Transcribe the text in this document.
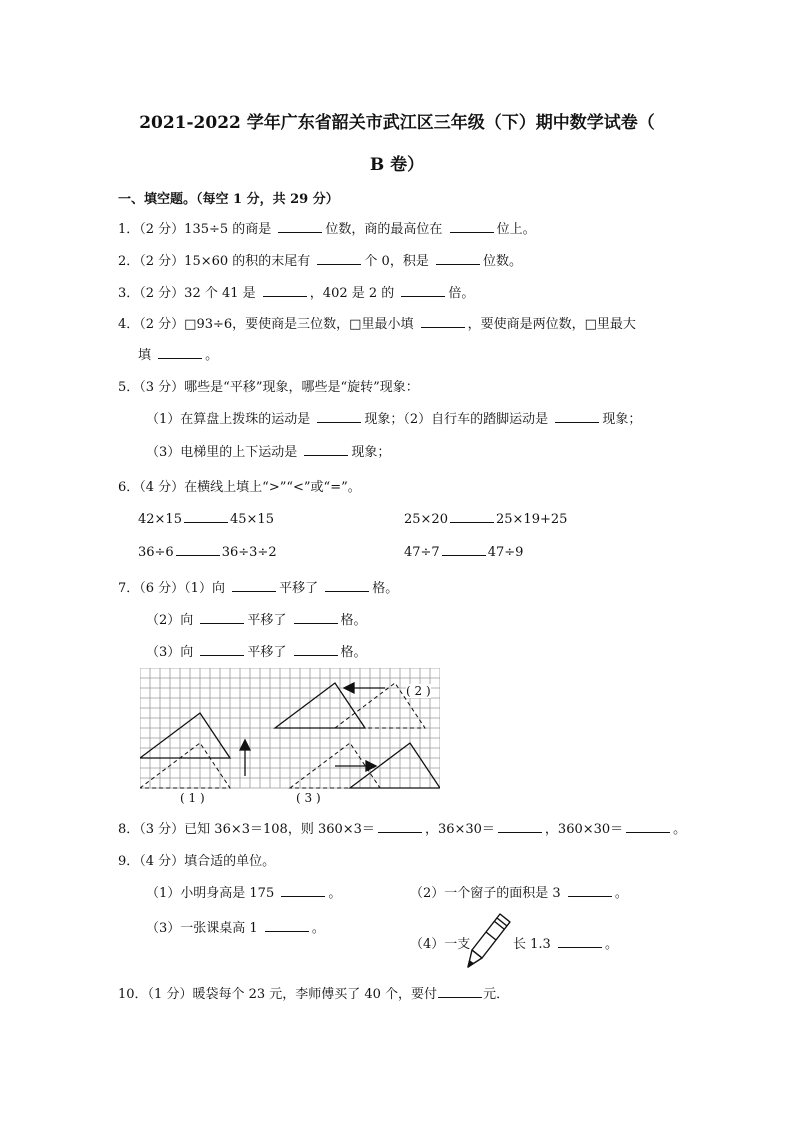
2021-2022 学年广东省韶关市武江区三年级（下）期中数学试卷（
B 卷）
一、填空题。（每空 1 分，共 29 分）
1．（2 分）135÷5 的商是	位数，商的最高位在	位上。
2．（2 分）15×60 的积的末尾有	个 0，积是	位数。
3．（2 分）32 个 41 是	，402 是 2 的	倍。
4．（2 分）□93÷6，要使商是三位数，□里最小填	，要使商是两位数，□里最大
填	。
5．（3 分）哪些是“平移”现象，哪些是“旋转”现象：
（1）在算盘上拨珠的运动是	现象；（2）自行车的踏脚运动是	现象；
（3）电梯里的上下运动是	现象；
6．（4 分）在横线上填上“>”“<”或“=”。
42×15	45×15	25×20	25×19+25
36÷6	36÷3÷2	47÷7	47÷9
7．（6 分）（1）向	平移了	格。
（2）向	平移了	格。
（3）向	平移了	格。
( 1 )
( 2 )
( 3 )
8．（3 分）已知 36×3＝108，则 360×3＝	，36×30＝	，360×30＝	。
9．（4 分）填合适的单位。
（1）小明身高是 175	。	（2）一个窗子的面积是 3	。
（3）一张课桌高 1	。
（4）一支	长 1.3	。
10．（1 分）暖袋每个 23 元，李师傅买了 40 个，要付	元．
